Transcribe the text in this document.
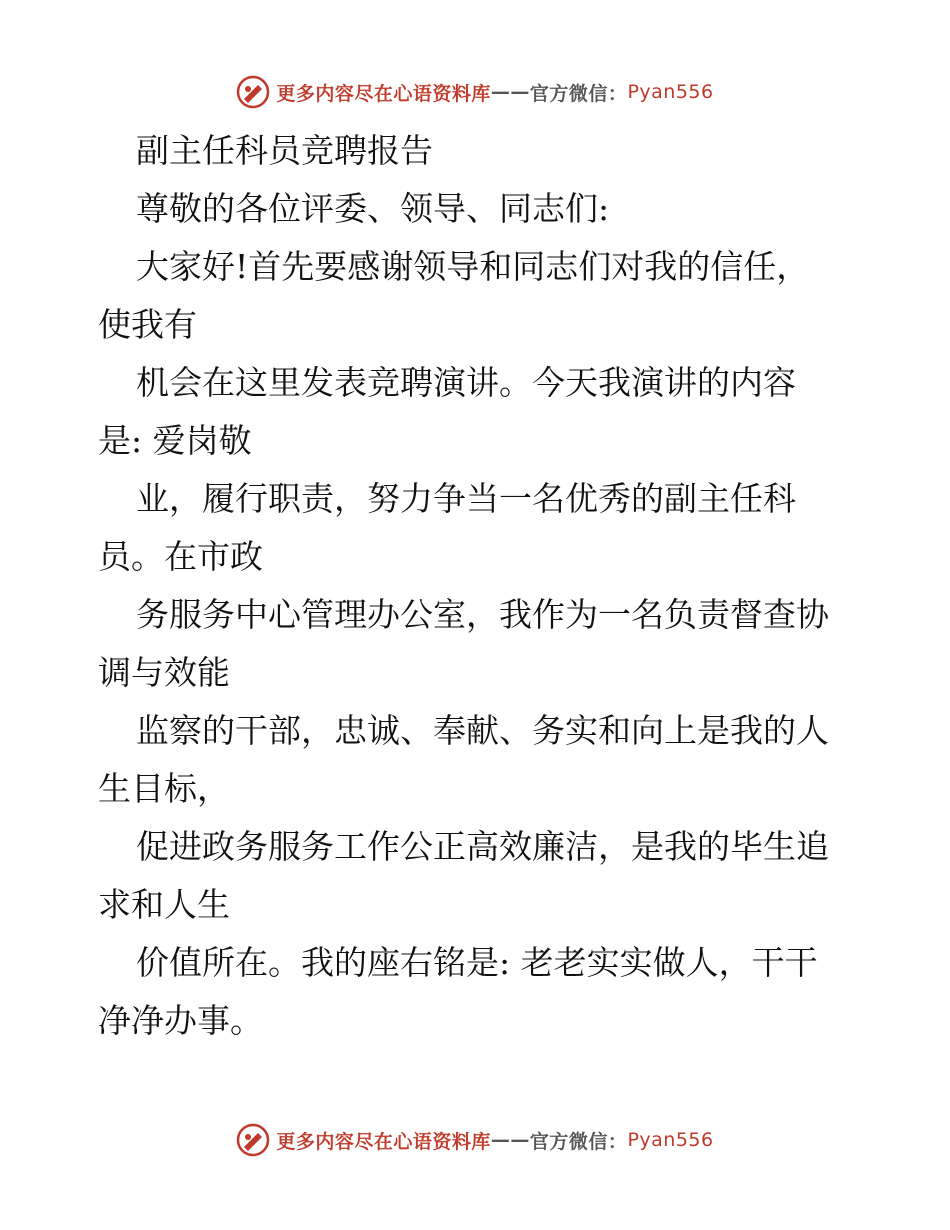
更多内容尽在心语资料库 —— 官方微信： Pyan556

副主任科员竞聘报告

尊敬的各位评委、领导、同志们:

大家好!首先要感谢领导和同志们对我的信任，

使我有

机会在这里发表竞聘演讲。今天我演讲的内容

是: 爱岗敬

业，履行职责，努力争当一名优秀的副主任科

员。在市政

务服务中心管理办公室，我作为一名负责督查协

调与效能

监察的干部，忠诚、奉献、务实和向上是我的人

生目标，

促进政务服务工作公正高效廉洁，是我的毕生追

求和人生

价值所在。我的座右铭是: 老老实实做人，干干

净净办事。

更多内容尽在心语资料库 —— 官方微信： Pyan556
